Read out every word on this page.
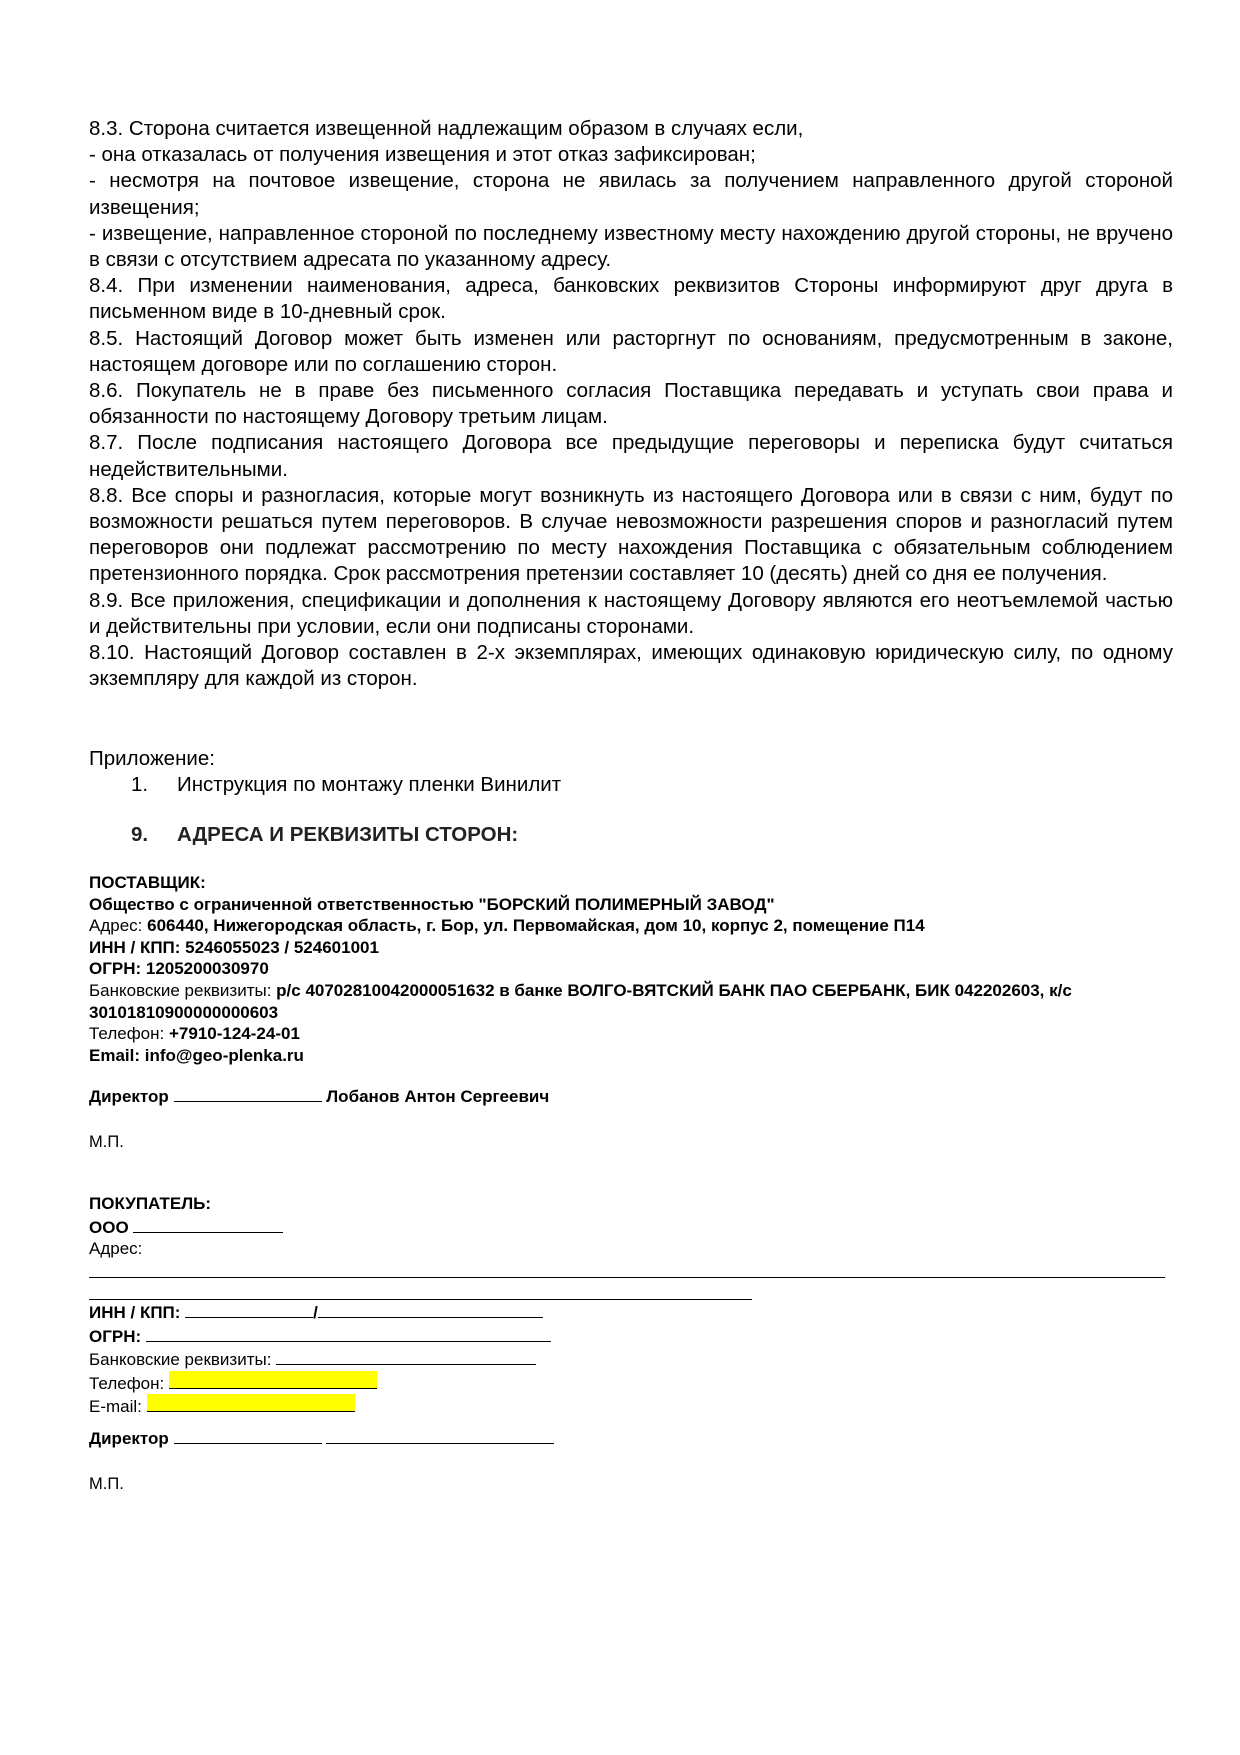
8.3. Сторона считается извещенной надлежащим образом в случаях если,

- она отказалась от получения извещения и этот отказ зафиксирован;

- несмотря на почтовое извещение, сторона не явилась за получением направленного другой стороной извещения;

- извещение, направленное стороной по последнему известному месту нахождению другой стороны, не вручено в связи с отсутствием адресата по указанному адресу.

8.4. При изменении наименования, адреса, банковских реквизитов Стороны информируют друг друга в письменном виде в 10-дневный срок.

8.5. Настоящий Договор может быть изменен или расторгнут по основаниям, предусмотренным в законе, настоящем договоре или по соглашению сторон.

8.6. Покупатель не в праве без письменного согласия Поставщика передавать и уступать свои права и обязанности по настоящему Договору третьим лицам.

8.7. После подписания настоящего Договора все предыдущие переговоры и переписка будут считаться недействительными.

8.8. Все споры и разногласия, которые могут возникнуть из настоящего Договора или в связи с ним, будут по возможности решаться путем переговоров. В случае невозможности разрешения споров и разногласий путем переговоров они подлежат рассмотрению по месту нахождения Поставщика с обязательным соблюдением претензионного порядка. Срок рассмотрения претензии составляет 10 (десять) дней со дня ее получения.

8.9. Все приложения, спецификации и дополнения к настоящему Договору являются его неотъемлемой частью и действительны при условии, если они подписаны сторонами.

8.10. Настоящий Договор составлен в 2-х экземплярах, имеющих одинаковую юридическую силу, по одному экземпляру для каждой из сторон.

Приложение:
1. Инструкция по монтажу пленки Винилит
9. АДРЕСА И РЕКВИЗИТЫ СТОРОН:
ПОСТАВЩИК:
Общество с ограниченной ответственностью "БОРСКИЙ ПОЛИМЕРНЫЙ ЗАВОД"
Адрес: 606440, Нижегородская область, г. Бор, ул. Первомайская, дом 10, корпус 2, помещение П14
ИНН / КПП: 5246055023 / 524601001
ОГРН: 1205200030970
Банковские реквизиты: р/с 40702810042000051632 в банке ВОЛГО-ВЯТСКИЙ БАНК ПАО СБЕРБАНК, БИК 042202603, к/с 30101810900000000603
Телефон: +7910-124-24-01
Email: info@geo-plenka.ru
Директор	Лобанов Антон Сергеевич
М.П.
ПОКУПАТЕЛЬ:
ООО
Адрес:
ИНН / КПП:	/
ОГРН:
Банковские реквизиты:
Телефон:
E-mail:
Директор
М.П.
